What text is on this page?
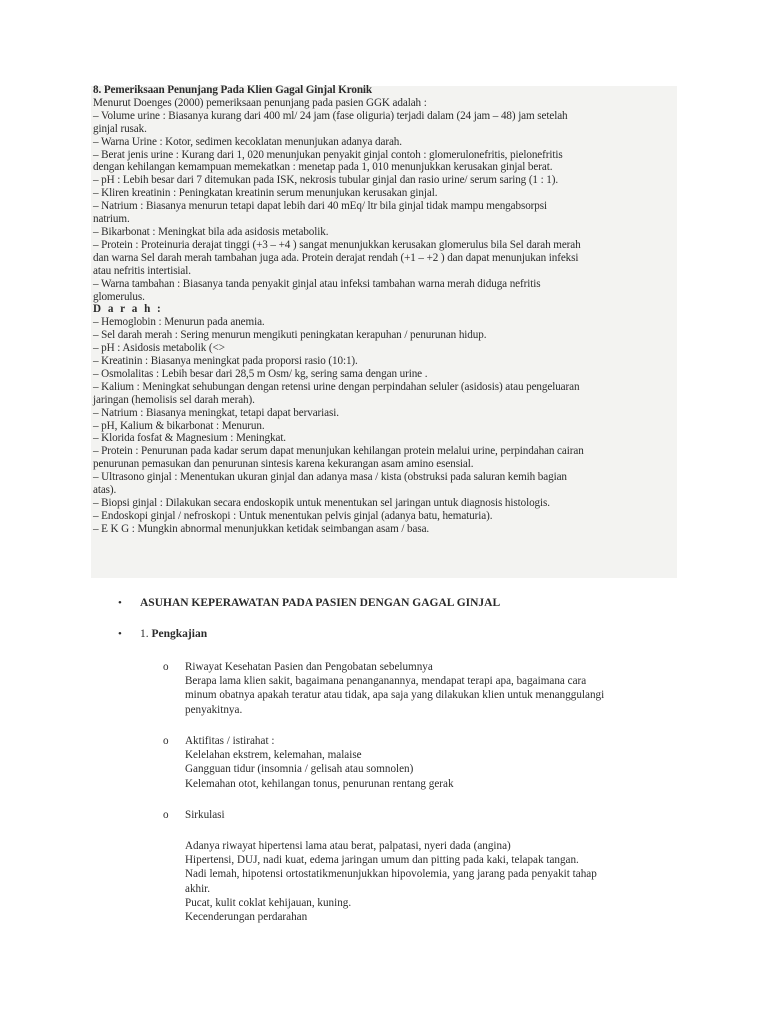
8. Pemeriksaan Penunjang Pada Klien Gagal Ginjal Kronik
Menurut Doenges (2000) pemeriksaan penunjang pada pasien GGK adalah :
– Volume urine : Biasanya kurang dari 400 ml/ 24 jam (fase oliguria) terjadi dalam (24 jam – 48) jam setelah
ginjal rusak.
– Warna Urine : Kotor, sedimen kecoklatan menunjukan adanya darah.
– Berat jenis urine : Kurang dari 1, 020 menunjukan penyakit ginjal contoh : glomerulonefritis, pielonefritis
dengan kehilangan kemampuan memekatkan : menetap pada 1, 010 menunjukkan kerusakan ginjal berat.
– pH : Lebih besar dari 7 ditemukan pada ISK, nekrosis tubular ginjal dan rasio urine/ serum saring (1 : 1).
– Kliren kreatinin : Peningkatan kreatinin serum menunjukan kerusakan ginjal.
– Natrium : Biasanya menurun tetapi dapat lebih dari 40 mEq/ ltr bila ginjal tidak mampu mengabsorpsi
natrium.
– Bikarbonat : Meningkat bila ada asidosis metabolik.
– Protein : Proteinuria derajat tinggi (+3 – +4 ) sangat menunjukkan kerusakan glomerulus bila Sel darah merah
dan warna Sel darah merah tambahan juga ada. Protein derajat rendah (+1 – +2 ) dan dapat menunjukan infeksi
atau nefritis intertisial.
– Warna tambahan : Biasanya tanda penyakit ginjal atau infeksi tambahan warna merah diduga nefritis
glomerulus.
D a r a h :
– Hemoglobin : Menurun pada anemia.
– Sel darah merah : Sering menurun mengikuti peningkatan kerapuhan / penurunan hidup.
– pH : Asidosis metabolik (<>
– Kreatinin : Biasanya meningkat pada proporsi rasio (10:1).
– Osmolalitas : Lebih besar dari 28,5 m Osm/ kg, sering sama dengan urine .
– Kalium : Meningkat sehubungan dengan retensi urine dengan perpindahan seluler (asidosis) atau pengeluaran
jaringan (hemolisis sel darah merah).
– Natrium : Biasanya meningkat, tetapi dapat bervariasi.
– pH, Kalium & bikarbonat : Menurun.
– Klorida fosfat & Magnesium : Meningkat.
– Protein : Penurunan pada kadar serum dapat menunjukan kehilangan protein melalui urine, perpindahan cairan
penurunan pemasukan dan penurunan sintesis karena kekurangan asam amino esensial.
– Ultrasono ginjal : Menentukan ukuran ginjal dan adanya masa / kista (obstruksi pada saluran kemih bagian
atas).
– Biopsi ginjal : Dilakukan secara endoskopik untuk menentukan sel jaringan untuk diagnosis histologis.
– Endoskopi ginjal / nefroskopi : Untuk menentukan pelvis ginjal (adanya batu, hematuria).
– E K G : Mungkin abnormal menunjukkan ketidak seimbangan asam / basa.
• ASUHAN KEPERAWATAN PADA PASIEN DENGAN GAGAL GINJAL
• 1. Pengkajian
o Riwayat Kesehatan Pasien dan Pengobatan sebelumnya
Berapa lama klien sakit, bagaimana penanganannya, mendapat terapi apa, bagaimana cara
minum obatnya apakah teratur atau tidak, apa saja yang dilakukan klien untuk menanggulangi
penyakitnya.
o Aktifitas / istirahat :
Kelelahan ekstrem, kelemahan, malaise
Gangguan tidur (insomnia / gelisah atau somnolen)
Kelemahan otot, kehilangan tonus, penurunan rentang gerak
o Sirkulasi
Adanya riwayat hipertensi lama atau berat, palpatasi, nyeri dada (angina)
Hipertensi, DUJ, nadi kuat, edema jaringan umum dan pitting pada kaki, telapak tangan.
Nadi lemah, hipotensi ortostatikmenunjukkan hipovolemia, yang jarang pada penyakit tahap
akhir.
Pucat, kulit coklat kehijauan, kuning.
Kecenderungan perdarahan
